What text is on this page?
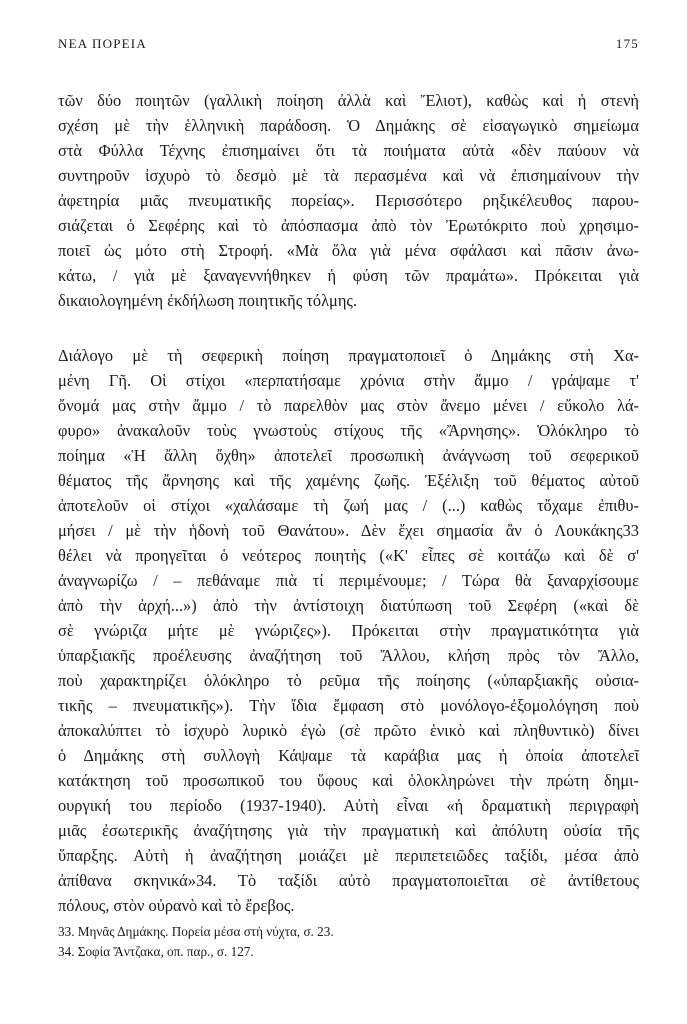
ΝΕΑ ΠΟΡΕΙΑ	175
τῶν δύο ποιητῶν (γαλλικὴ ποίηση ἀλλὰ καὶ Ἔλιοτ), καθὼς καὶ ἡ στενὴ
σχέση μὲ τὴν ἑλληνικὴ παράδοση. Ὁ Δημάκης σὲ εἰσαγωγικὸ σημείωμα
στὰ Φύλλα Τέχνης ἐπισημαίνει ὅτι τὰ ποιήματα αὐτὰ «δὲν παύουν νὰ
συντηροῦν ἰσχυρὸ τὸ δεσμὸ μὲ τὰ περασμένα καὶ νὰ ἐπισημαίνουν τὴν
ἀφετηρία μιᾶς πνευματικῆς πορείας». Περισσότερο ρηξικέλευθος παρου-
σιάζεται ὁ Σεφέρης καὶ τὸ ἀπόσπασμα ἀπὸ τὸν Ἐρωτόκριτο ποὺ χρησιμο-
ποιεῖ ὡς μότο στὴ Στροφή. «Μὰ ὅλα γιὰ μένα σφάλασι καὶ πᾶσιν ἀνω-
κάτω, / γιὰ μὲ ξαναγεννήθηκεν ἡ φύση τῶν πραμάτω». Πρόκειται γιὰ
δικαιολογημένη ἐκδήλωση ποιητικῆς τόλμης.
Διάλογο μὲ τὴ σεφερικὴ ποίηση πραγματοποιεῖ ὁ Δημάκης στὴ Χα-
μένη Γῆ. Οἱ στίχοι «περπατήσαμε χρόνια στὴν ἄμμο / γράψαμε τ'
ὄνομά μας στὴν ἄμμο / τὸ παρελθὸν μας στὸν ἄνεμο μένει / εὔκολο λά-
φυρο» ἀνακαλοῦν τοὺς γνωστοὺς στίχους τῆς «Ἄρνησης». Ὁλόκληρο τὸ
ποίημα «Ἡ ἄλλη ὄχθη» ἀποτελεῖ προσωπικὴ ἀνάγνωση τοῦ σεφερικοῦ
θέματος τῆς ἄρνησης καὶ τῆς χαμένης ζωῆς. Ἐξέλιξη τοῦ θέματος αὐτοῦ
ἀποτελοῦν οἱ στίχοι «χαλάσαμε τὴ ζωή μας / (...) καθὼς τὄχαμε ἐπιθυ-
μήσει / μὲ τὴν ἡδονὴ τοῦ Θανάτου». Δὲν ἔχει σημασία ἂν ὁ Λουκάκης33
θέλει νὰ προηγεῖται ὁ νεότερος ποιητὴς («Κ' εἶπες σὲ κοιτάζω καὶ δὲ σ'
ἀναγνωρίζω / – πεθάναμε πιὰ τί περιμένουμε; / Τώρα θὰ ξαναρχίσουμε
ἀπὸ τὴν ἀρχή...») ἀπὸ τὴν ἀντίστοιχη διατύπωση τοῦ Σεφέρη («καὶ δὲ
σὲ γνώριζα μήτε μὲ γνώριζες»). Πρόκειται στὴν πραγματικότητα γιὰ
ὑπαρξιακῆς προέλευσης ἀναζήτηση τοῦ Ἄλλου, κλήση πρὸς τὸν Ἄλλο,
ποὺ χαρακτηρίζει ὁλόκληρο τὸ ρεῦμα τῆς ποίησης («ὑπαρξιακῆς οὐσια-
τικῆς – πνευματικῆς»). Τὴν ἴδια ἔμφαση στὸ μονόλογο-ἐξομολόγηση ποὺ
ἀποκαλύπτει τὸ ἰσχυρὸ λυρικὸ ἐγὼ (σὲ πρῶτο ἑνικὸ καὶ πληθυντικὸ) δίνει
ὁ Δημάκης στὴ συλλογὴ Κάψαμε τὰ καράβια μας ἡ ὁποία ἀποτελεῖ
κατάκτηση τοῦ προσωπικοῦ του ὕφους καὶ ὁλοκληρώνει τὴν πρώτη δημι-
ουργική του περίοδο (1937-1940). Αὐτὴ εἶναι «ἡ δραματικὴ περιγραφὴ
μιᾶς ἐσωτερικῆς ἀναζήτησης γιὰ τὴν πραγματικὴ καὶ ἀπόλυτη οὐσία τῆς
ὕπαρξης. Αὐτὴ ἡ ἀναζήτηση μοιάζει μὲ περιπετειῶδες ταξίδι, μέσα ἀπὸ
ἀπίθανα σκηνικά»34. Τὸ ταξίδι αὐτὸ πραγματοποιεῖται σὲ ἀντίθετους
πόλους, στὸν οὐρανὸ καὶ τὸ ἔρεβος.
33. Μηνᾶς Δημάκης. Πορεία μέσα στὴ νύχτα, σ. 23.
34. Σοφία Ἄντζακα, οπ. παρ., σ. 127.
